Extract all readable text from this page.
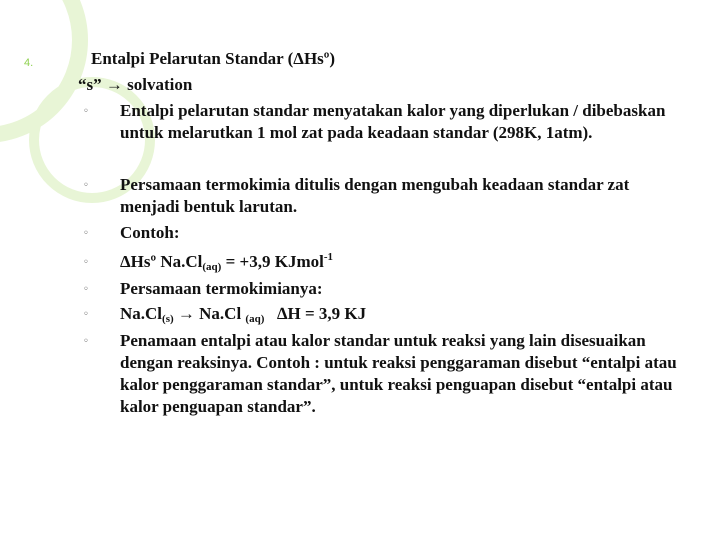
4.	Entalpi Pelarutan Standar (ΔHsº)
“s” → solvation
◦ Entalpi pelarutan standar menyatakan kalor yang diperlukan / dibebaskan untuk melarutkan 1 mol zat pada keadaan standar (298K, 1atm).
◦ Persamaan termokimia ditulis dengan mengubah keadaan standar zat menjadi bentuk larutan.
◦ Contoh:
◦ ΔHsº $Na.Cl_{(aq)} = +3,9$ KJmol$^{-1}$
◦ Persamaan termokimianya:
◦ $Na.Cl_{(s)} \to Na.Cl$ $_{(aq)}$   ∆H = 3,9 KJ
◦ Penamaan entalpi atau kalor standar untuk reaksi yang lain disesuaikan dengan reaksinya. Contoh : untuk reaksi penggaraman disebut “entalpi atau kalor penggaraman standar”, untuk reaksi penguapan disebut “entalpi atau kalor penguapan standar”.
